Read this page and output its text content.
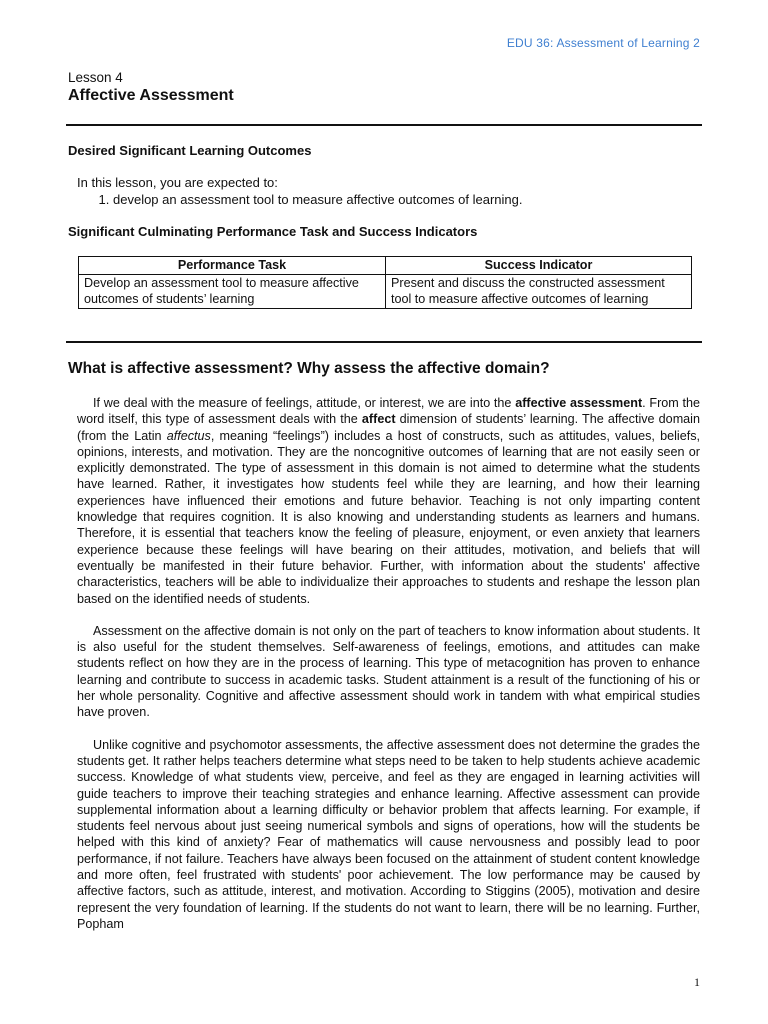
EDU 36: Assessment of Learning 2
Lesson 4
Affective Assessment
Desired Significant Learning Outcomes
In this lesson, you are expected to:
1. develop an assessment tool to measure affective outcomes of learning.
Significant Culminating Performance Task and Success Indicators
Performance Task	Success Indicator
Develop an assessment tool to measure affective outcomes of students’ learning	Present and discuss the constructed assessment tool to measure affective outcomes of learning
What is affective assessment? Why assess the affective domain?

If we deal with the measure of feelings, attitude, or interest, we are into the affective assessment. From the word itself, this type of assessment deals with the affect dimension of students’ learning. The affective domain (from the Latin affectus, meaning “feelings”) includes a host of constructs, such as attitudes, values, beliefs, opinions, interests, and motivation. They are the noncognitive outcomes of learning that are not easily seen or explicitly demonstrated. The type of assessment in this domain is not aimed to determine what the students have learned. Rather, it investigates how students feel while they are learning, and how their learning experiences have influenced their emotions and future behavior. Teaching is not only imparting content knowledge that requires cognition. It is also knowing and understanding students as learners and humans. Therefore, it is essential that teachers know the feeling of pleasure, enjoyment, or even anxiety that learners experience because these feelings will have bearing on their attitudes, motivation, and beliefs that will eventually be manifested in their future behavior. Further, with information about the students' affective characteristics, teachers will be able to individualize their approaches to students and reshape the lesson plan based on the identified needs of students.

Assessment on the affective domain is not only on the part of teachers to know information about students. It is also useful for the student themselves. Self-awareness of feelings, emotions, and attitudes can make students reflect on how they are in the process of learning. This type of metacognition has proven to enhance learning and contribute to success in academic tasks. Student attainment is a result of the functioning of his or her whole personality. Cognitive and affective assessment should work in tandem with what empirical studies have proven.

Unlike cognitive and psychomotor assessments, the affective assessment does not determine the grades the students get. It rather helps teachers determine what steps need to be taken to help students achieve academic success. Knowledge of what students view, perceive, and feel as they are engaged in learning activities will guide teachers to improve their teaching strategies and enhance learning. Affective assessment can provide supplemental information about a learning difficulty or behavior problem that affects learning. For example, if students feel nervous about just seeing numerical symbols and signs of operations, how will the students be helped with this kind of anxiety? Fear of mathematics will cause nervousness and possibly lead to poor performance, if not failure. Teachers have always been focused on the attainment of student content knowledge and more often, feel frustrated with students' poor achievement. The low performance may be caused by affective factors, such as attitude, interest, and motivation. According to Stiggins (2005), motivation and desire represent the very foundation of learning. If the students do not want to learn, there will be no learning. Further, Popham

1
